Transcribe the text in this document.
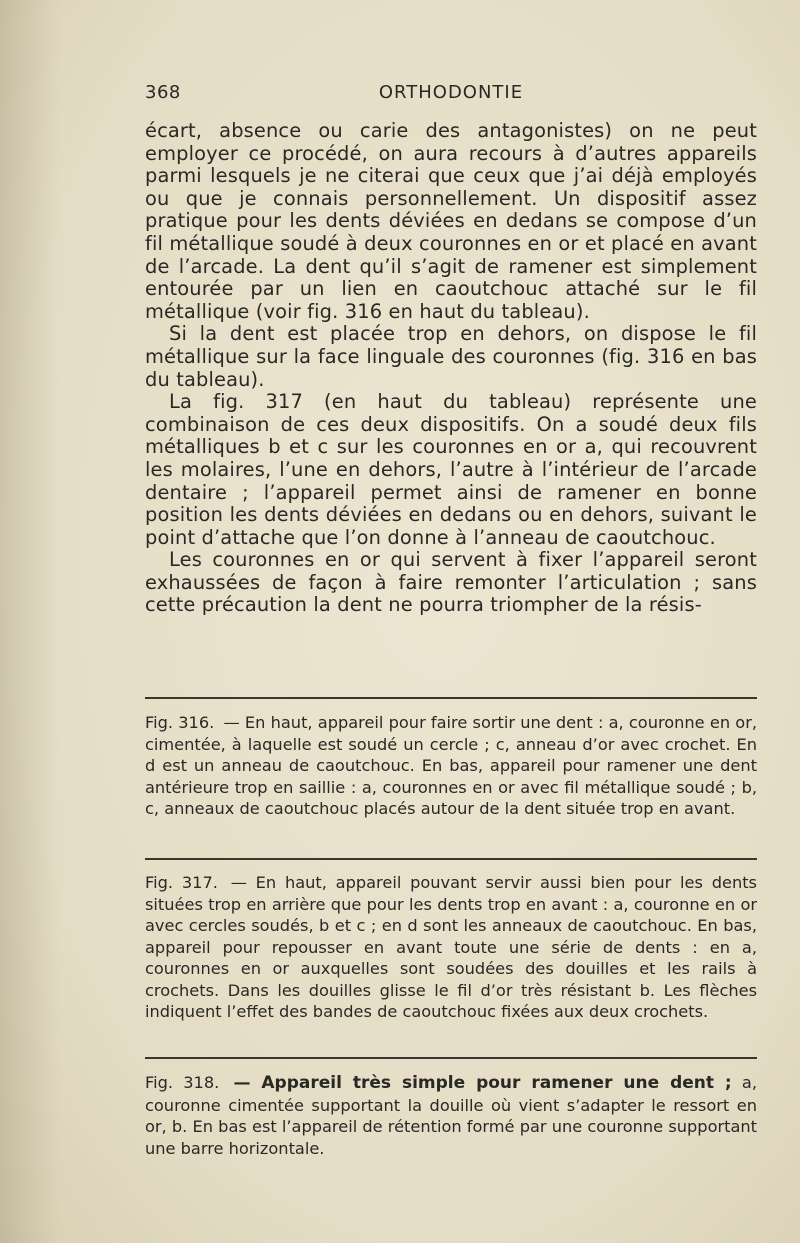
368	ORTHODONTIE

écart, absence ou carie des antagonistes) on ne peut employer ce procédé, on aura recours à d’autres appareils parmi lesquels je ne citerai que ceux que j’ai déjà employés ou que je connais personnellement. Un dispositif assez pratique pour les dents déviées en dedans se compose d’un fil métallique soudé à deux couronnes en or et placé en avant de l’arcade. La dent qu’il s’agit de ramener est simplement entourée par un lien en caoutchouc attaché sur le fil métallique (voir fig. 316 en haut du tableau).

Si la dent est placée trop en dehors, on dispose le fil métallique sur la face linguale des couronnes (fig. 316 en bas du tableau).

La fig. 317 (en haut du tableau) représente une combinaison de ces deux dispositifs. On a soudé deux fils métalliques b et c sur les couronnes en or a, qui recouvrent les molaires, l’une en dehors, l’autre à l’intérieur de l’arcade dentaire ; l’appareil permet ainsi de ramener en bonne position les dents déviées en dedans ou en dehors, suivant le point d’attache que l’on donne à l’anneau de caoutchouc.

Les couronnes en or qui servent à fixer l’appareil seront exhaussées de façon à faire remonter l’articulation ; sans cette précaution la dent ne pourra triompher de la résis-

Fig. 316. — En haut, appareil pour faire sortir une dent : a, couronne en or, cimentée, à laquelle est soudé un cercle ; c, anneau d’or avec crochet. En d est un anneau de caoutchouc. En bas, appareil pour ramener une dent antérieure trop en saillie : a, couronnes en or avec fil métallique soudé ; b, c, anneaux de caoutchouc placés autour de la dent située trop en avant.
Fig. 317. — En haut, appareil pouvant servir aussi bien pour les dents situées trop en arrière que pour les dents trop en avant : a, couronne en or avec cercles soudés, b et c ; en d sont les anneaux de caoutchouc. En bas, appareil pour repousser en avant toute une série de dents : en a, couronnes en or auxquelles sont soudées des douilles et les rails à crochets. Dans les douilles glisse le fil d’or très résistant b. Les flèches indiquent l’effet des bandes de caoutchouc fixées aux deux crochets.
Fig. 318. — Appareil très simple pour ramener une dent ; a, couronne cimentée supportant la douille où vient s’adapter le ressort en or, b. En bas est l’appareil de rétention formé par une couronne supportant une barre horizontale.
